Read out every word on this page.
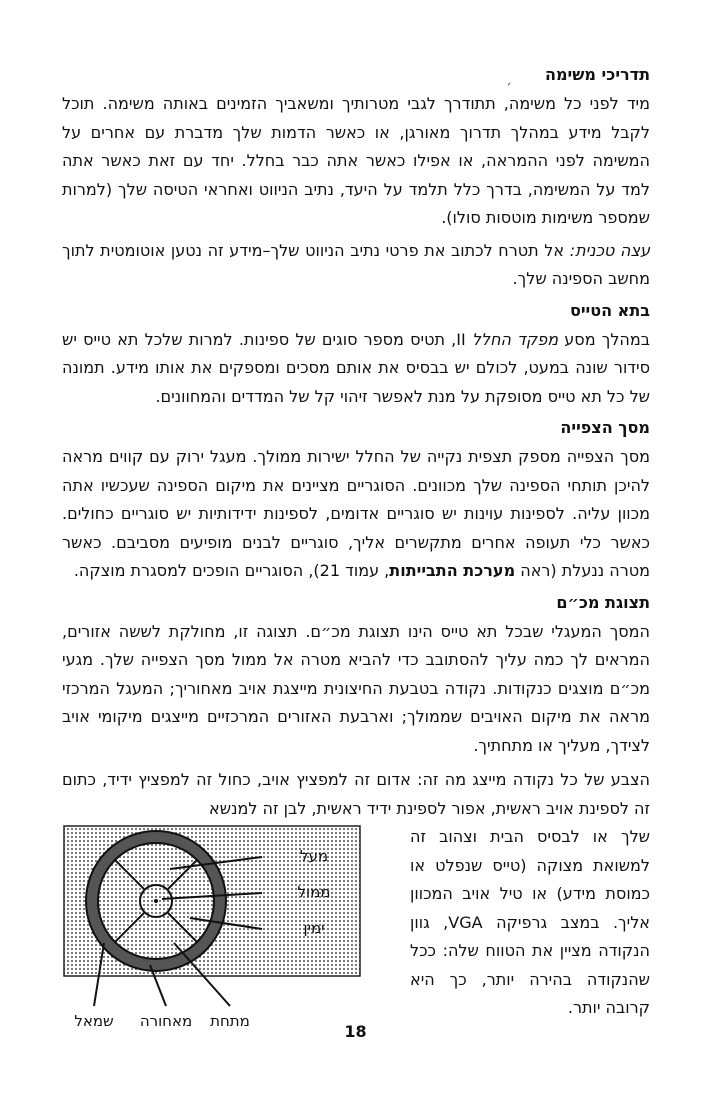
ˏ	תדריכי משימה

מיד לפני כל משימה, תתודרך לגבי מטרותיך ומשאביך הזמינים באותה משימה. תוכל לקבל מידע במהלך תדרוך מאורגן, או כאשר הדמות שלך מדברת עם אחרים על המשימה לפני ההמראה, או אפילו כאשר אתה כבר בחלל. יחד עם זאת כאשר אתה למד על המשימה, בדרך כלל תלמד על היעד, נתיב הניווט ואחראי הטיסה שלך (למרות שמספר משימות מוטסות סולו).

עצה טכנית: אל תטרח לכתוב את פרטי נתיב הניווט שלך–מידע זה נטען אוטומטית לתוך מחשב הספינה שלך.

בתא הטייס

במהלך מסע מפקד החלל II, תטיס מספר סוגים של ספינות. למרות שלכל תא טייס יש סידור שונה במעט, לכולם יש בבסיס את אותם מסכים ומספקים את אותו מידע. תמונה של כל תא טייס מסופקת על מנת לאפשר זיהוי קל של המדדים והמחוונים.

מסך הצפייה

מסך הצפייה מספק תצפית נקייה של החלל ישירות ממולך. מעגל ירוק עם קווים מראה להיכן תותחי הספינה שלך מכוונים. הסוגריים מציינים את מיקום הספינה שעכשיו אתה מכוון עליה. לספינות עוינות יש סוגריים אדומים, לספינות ידידותיות יש סוגריים כחולים. כאשר כלי תעופה אחרים מתקשרים אליך, סוגריים לבנים מופיעים מסביבם. כאשר מטרה ננעלת (ראה מערכת התבייתות, עמוד 21), הסוגריים הופכים למסגרת מוצקה.

תצוגת מכ״ם

המסך המעגלי שבכל תא טייס הינו תצוגת מכ״ם. תצוגה זו, מחולקת לששה אזורים, המראים לך כמה עליך להסתובב כדי להביא מטרה אל ממול מסך הצפייה שלך. מגעי מכ״ם מוצגים כנקודות. נקודה בטבעת החיצונית מייצגת אויב מאחוריך; המעגל המרכזי מראה את מיקום האויבים שממולך; וארבעת האזורים המרכזיים מייצגים מיקומי אויב לצידך, מעליך או מתחתיך.

הצבע של כל נקודה מייצג מה זה: אדום זה למפציץ אויב, כחול זה למפציץ ידיד, כתום זה לספינת אויב ראשית, אפור לספינת ידיד ראשית, לבן זה למנשא

שלך או לבסיס הבית וצהוב זה למשואת מצוקה (טייס שנפלט או כמוסת מידע) או טיל אויב המכוון אליך. במצב גרפיקה VGA, גוון הנקודה מציין את הטווח שלה: ככל שהנקודה בהירה יותר, כך היא קרובה יותר.
מעל
ממול
ימין
מתחת
מאחורה
שמאל
18
